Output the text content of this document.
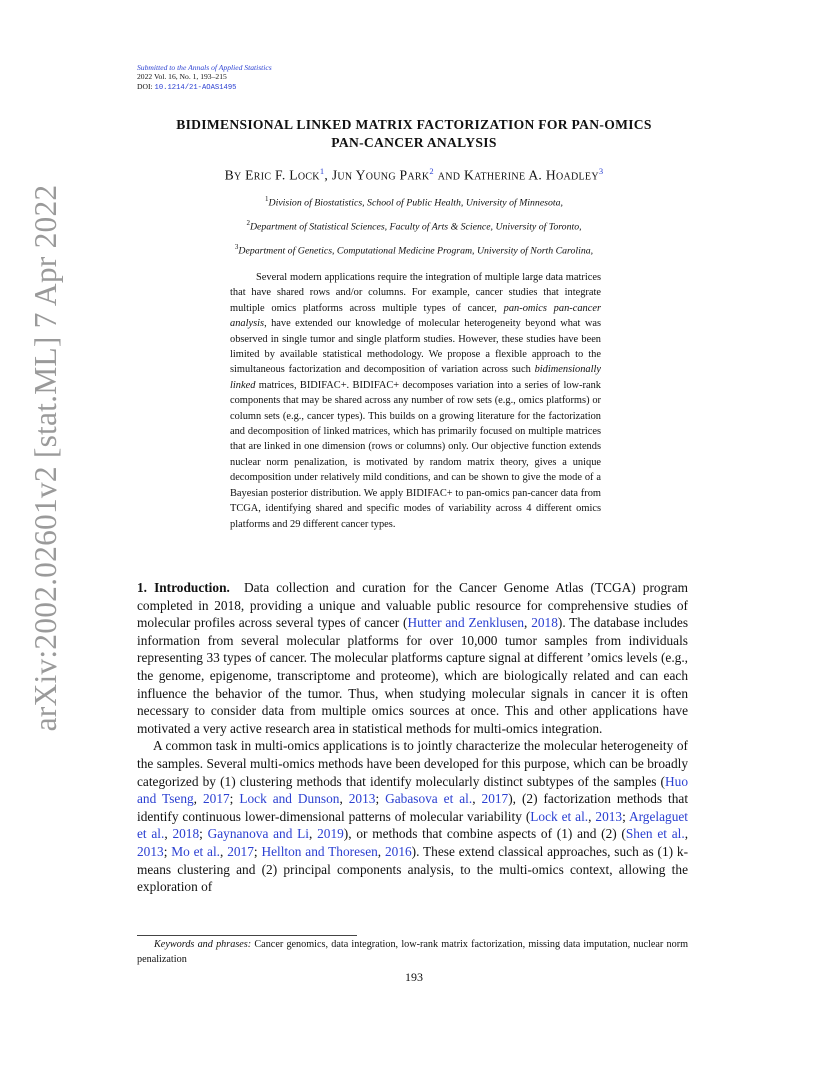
Submitted to the Annals of Applied Statistics
2022 Vol. 16, No. 1, 193–215
DOI: 10.1214/21-AOAS1495
arXiv:2002.02601v2 [stat.ML] 7 Apr 2022
BIDIMENSIONAL LINKED MATRIX FACTORIZATION FOR PAN-OMICS
PAN-CANCER ANALYSIS
By Eric F. Lock$^1$, Jun Young Park$^2$ and Katherine A. Hoadley$^3$
$^1$Division of Biostatistics, School of Public Health, University of Minnesota,
$^2$Department of Statistical Sciences, Faculty of Arts & Science, University of Toronto,
$^3$Department of Genetics, Computational Medicine Program, University of North Carolina,
Several modern applications require the integration of multiple large data matrices that have shared rows and/or columns. For example, cancer studies that integrate multiple omics platforms across multiple types of cancer, pan-omics pan-cancer analysis, have extended our knowledge of molecular heterogeneity beyond what was observed in single tumor and single platform studies. However, these studies have been limited by available statistical methodology. We propose a flexible approach to the simultaneous factorization and decomposition of variation across such bidimensionally linked matrices, BIDIFAC+. BIDIFAC+ decomposes variation into a series of low-rank components that may be shared across any number of row sets (e.g., omics platforms) or column sets (e.g., cancer types). This builds on a growing literature for the factorization and decomposition of linked matrices, which has primarily focused on multiple matrices that are linked in one dimension (rows or columns) only. Our objective function extends nuclear norm penalization, is motivated by random matrix theory, gives a unique decomposition under relatively mild conditions, and can be shown to give the mode of a Bayesian posterior distribution. We apply BIDIFAC+ to pan-omics pan-cancer data from TCGA, identifying shared and specific modes of variability across 4 different omics platforms and 29 different cancer types.

1. Introduction. Data collection and curation for the Cancer Genome Atlas (TCGA) program completed in 2018, providing a unique and valuable public resource for comprehensive studies of molecular profiles across several types of cancer (Hutter and Zenklusen, 2018). The database includes information from several molecular platforms for over 10,000 tumor samples from individuals representing 33 types of cancer. The molecular platforms capture signal at different ’omics levels (e.g., the genome, epigenome, transcriptome and proteome), which are biologically related and can each influence the behavior of the tumor. Thus, when studying molecular signals in cancer it is often necessary to consider data from multiple omics sources at once. This and other applications have motivated a very active research area in statistical methods for multi-omics integration.

A common task in multi-omics applications is to jointly characterize the molecular heterogeneity of the samples. Several multi-omics methods have been developed for this purpose, which can be broadly categorized by (1) clustering methods that identify molecularly distinct subtypes of the samples (Huo and Tseng, 2017; Lock and Dunson, 2013; Gabasova et al., 2017), (2) factorization methods that identify continuous lower-dimensional patterns of molecular variability (Lock et al., 2013; Argelaguet et al., 2018; Gaynanova and Li, 2019), or methods that combine aspects of (1) and (2) (Shen et al., 2013; Mo et al., 2017; Hellton and Thoresen, 2016). These extend classical approaches, such as (1) k-means clustering and (2) principal components analysis, to the multi-omics context, allowing the exploration of

Keywords and phrases: Cancer genomics, data integration, low-rank matrix factorization, missing data imputation, nuclear norm penalization
193
